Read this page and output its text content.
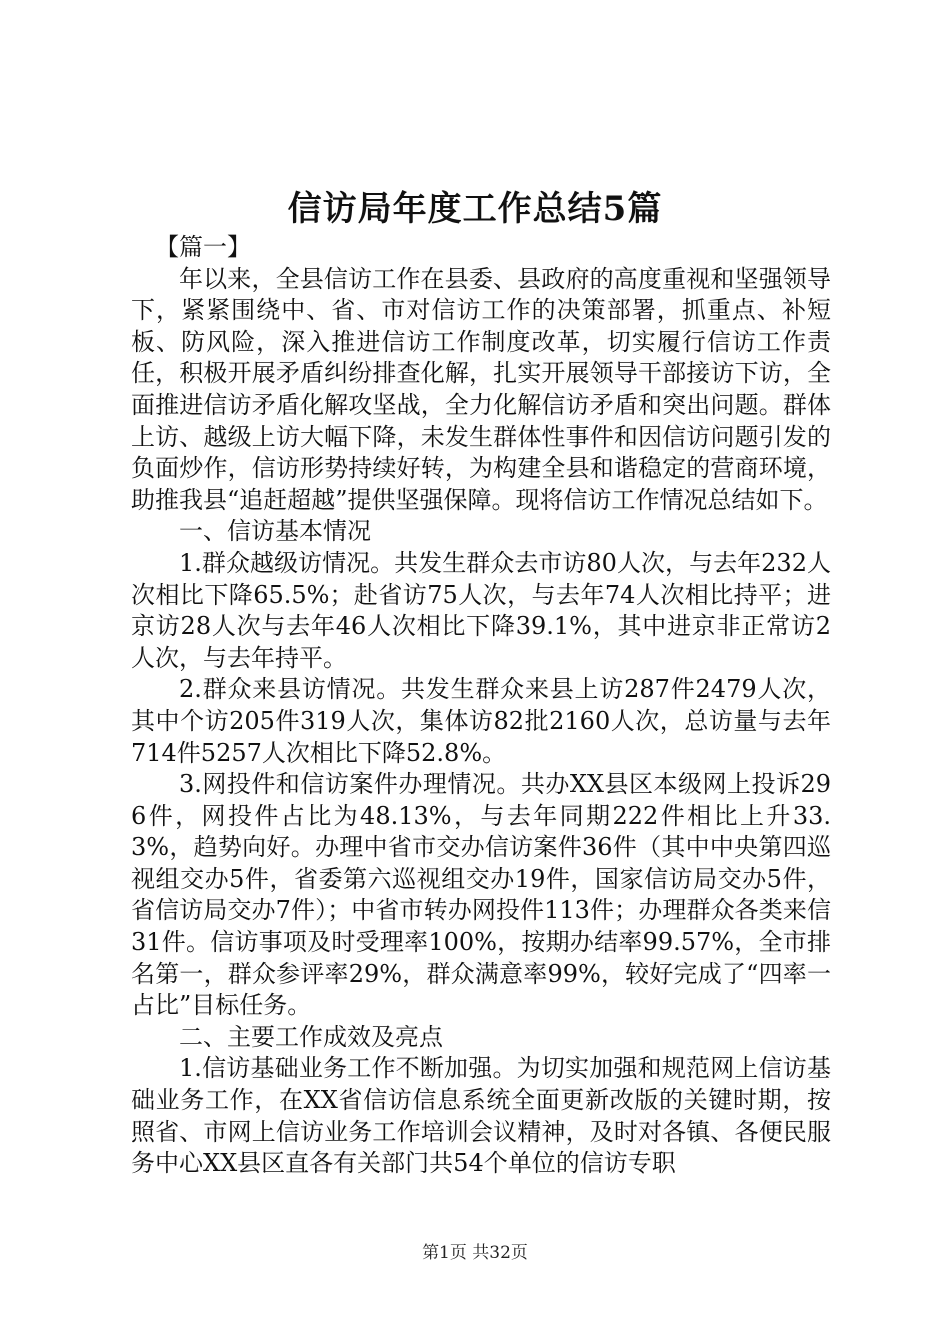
信访局年度工作总结5篇

【篇一】

年以来，全县信访工作在县委、县政府的高度重视和坚强领导下，紧紧围绕中、省、市对信访工作的决策部署，抓重点、补短板、防风险，深入推进信访工作制度改革，切实履行信访工作责任，积极开展矛盾纠纷排查化解，扎实开展领导干部接访下访，全面推进信访矛盾化解攻坚战，全力化解信访矛盾和突出问题。群体上访、越级上访大幅下降，未发生群体性事件和因信访问题引发的负面炒作，信访形势持续好转，为构建全县和谐稳定的营商环境，助推我县“追赶超越”提供坚强保障。现将信访工作情况总结如下。

一、信访基本情况

1.群众越级访情况。共发生群众去市访80人次，与去年232人次相比下降65.5%；赴省访75人次，与去年74人次相比持平；进京访28人次与去年46人次相比下降39.1%，其中进京非正常访2人次，与去年持平。

2.群众来县访情况。共发生群众来县上访287件2479人次，其中个访205件319人次，集体访82批2160人次，总访量与去年714件5257人次相比下降52.8%。

3.网投件和信访案件办理情况。共办XX县区本级网上投诉296件，网投件占比为48.13%，与去年同期222件相比上升33.3%，趋势向好。办理中省市交办信访案件36件（其中中央第四巡视组交办5件，省委第六巡视组交办19件，国家信访局交办5件，省信访局交办7件）；中省市转办网投件113件；办理群众各类来信31件。信访事项及时受理率100%，按期办结率99.57%，全市排名第一，群众参评率29%，群众满意率99%，较好完成了“四率一占比”目标任务。

二、主要工作成效及亮点

1.信访基础业务工作不断加强。为切实加强和规范网上信访基础业务工作，在XX省信访信息系统全面更新改版的关键时期，按照省、市网上信访业务工作培训会议精神，及时对各镇、各便民服务中心XX县区直各有关部门共54个单位的信访专职

第1页 共32页
